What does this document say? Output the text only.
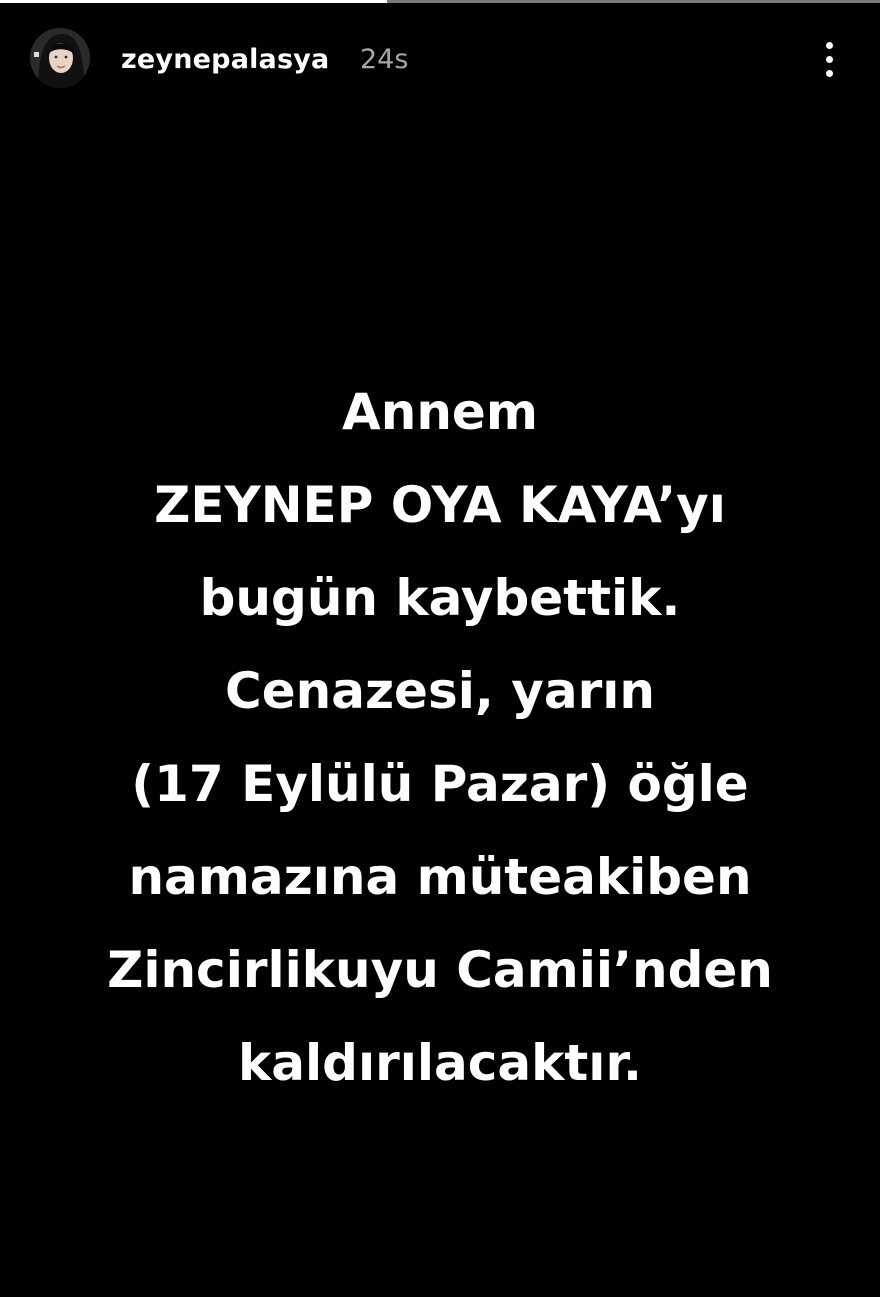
zeynepalasya 24s
Annem
ZEYNEP OYA KAYA’yı
bugün kaybettik.
Cenazesi, yarın
(17 Eylülü Pazar) öğle
namazına müteakiben
Zincirlikuyu Camii’nden
kaldırılacaktır.
